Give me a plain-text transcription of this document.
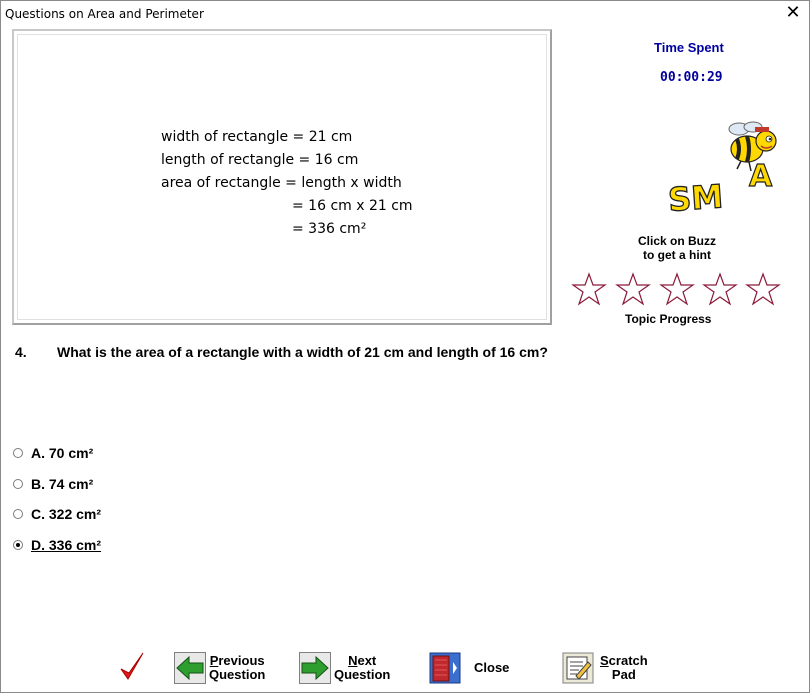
Questions on Area and Perimeter	✕
width of rectangle = 21 cm
length of rectangle = 16 cm
area of rectangle = length x width
= 16 cm x 21 cm
= 336 cm²
Time Spent
00:00:29
A
SM
Click on Buzz
to get a hint
Topic Progress
4. What is the area of a rectangle with a width of 21 cm and length of 16 cm?
A. 70 cm²
B. 74 cm²
C. 322 cm²
D. 336 cm²
Previous
Question
Next
Question	Close	Scratch
Pad
